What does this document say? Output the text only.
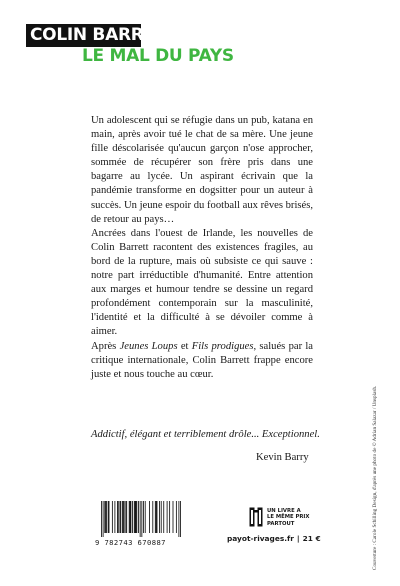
COLIN BARRETT
LE MAL DU PAYS

Un adolescent qui se réfugie dans un pub, katana en main, après avoir tué le chat de sa mère. Une jeune fille déscolarisée qu'aucun garçon n'ose approcher, sommée de récupérer son frère pris dans une bagarre au lycée. Un aspirant écrivain que la pandémie transforme en dogsitter pour un auteur à succès. Un jeune espoir du football aux rêves brisés, de retour au pays…

Ancrées dans l'ouest de Irlande, les nouvelles de Colin Barrett racontent des existences fragiles, au bord de la rupture, mais où subsiste ce qui sauve : notre part irréductible d'humanité. Entre attention aux marges et humour tendre se dessine un regard profondément contemporain sur la masculinité, l'identité et la difficulté à se dévoiler comme à aimer.

Après Jeunes Loups et Fils prodigues, salués par la critique internationale, Colin Barrett frappe encore juste et nous touche au cœur.

Addictif, élégant et terriblement drôle... Exceptionnel.
Kevin Barry	Couverture : Carole Schilling Design, d'après une photo de © Adrian Salazar / Unsplash.
9 782743 670887
UN LIVRE A
LE MÊME PRIX
PARTOUT
payot-rivages.fr | 21 €
